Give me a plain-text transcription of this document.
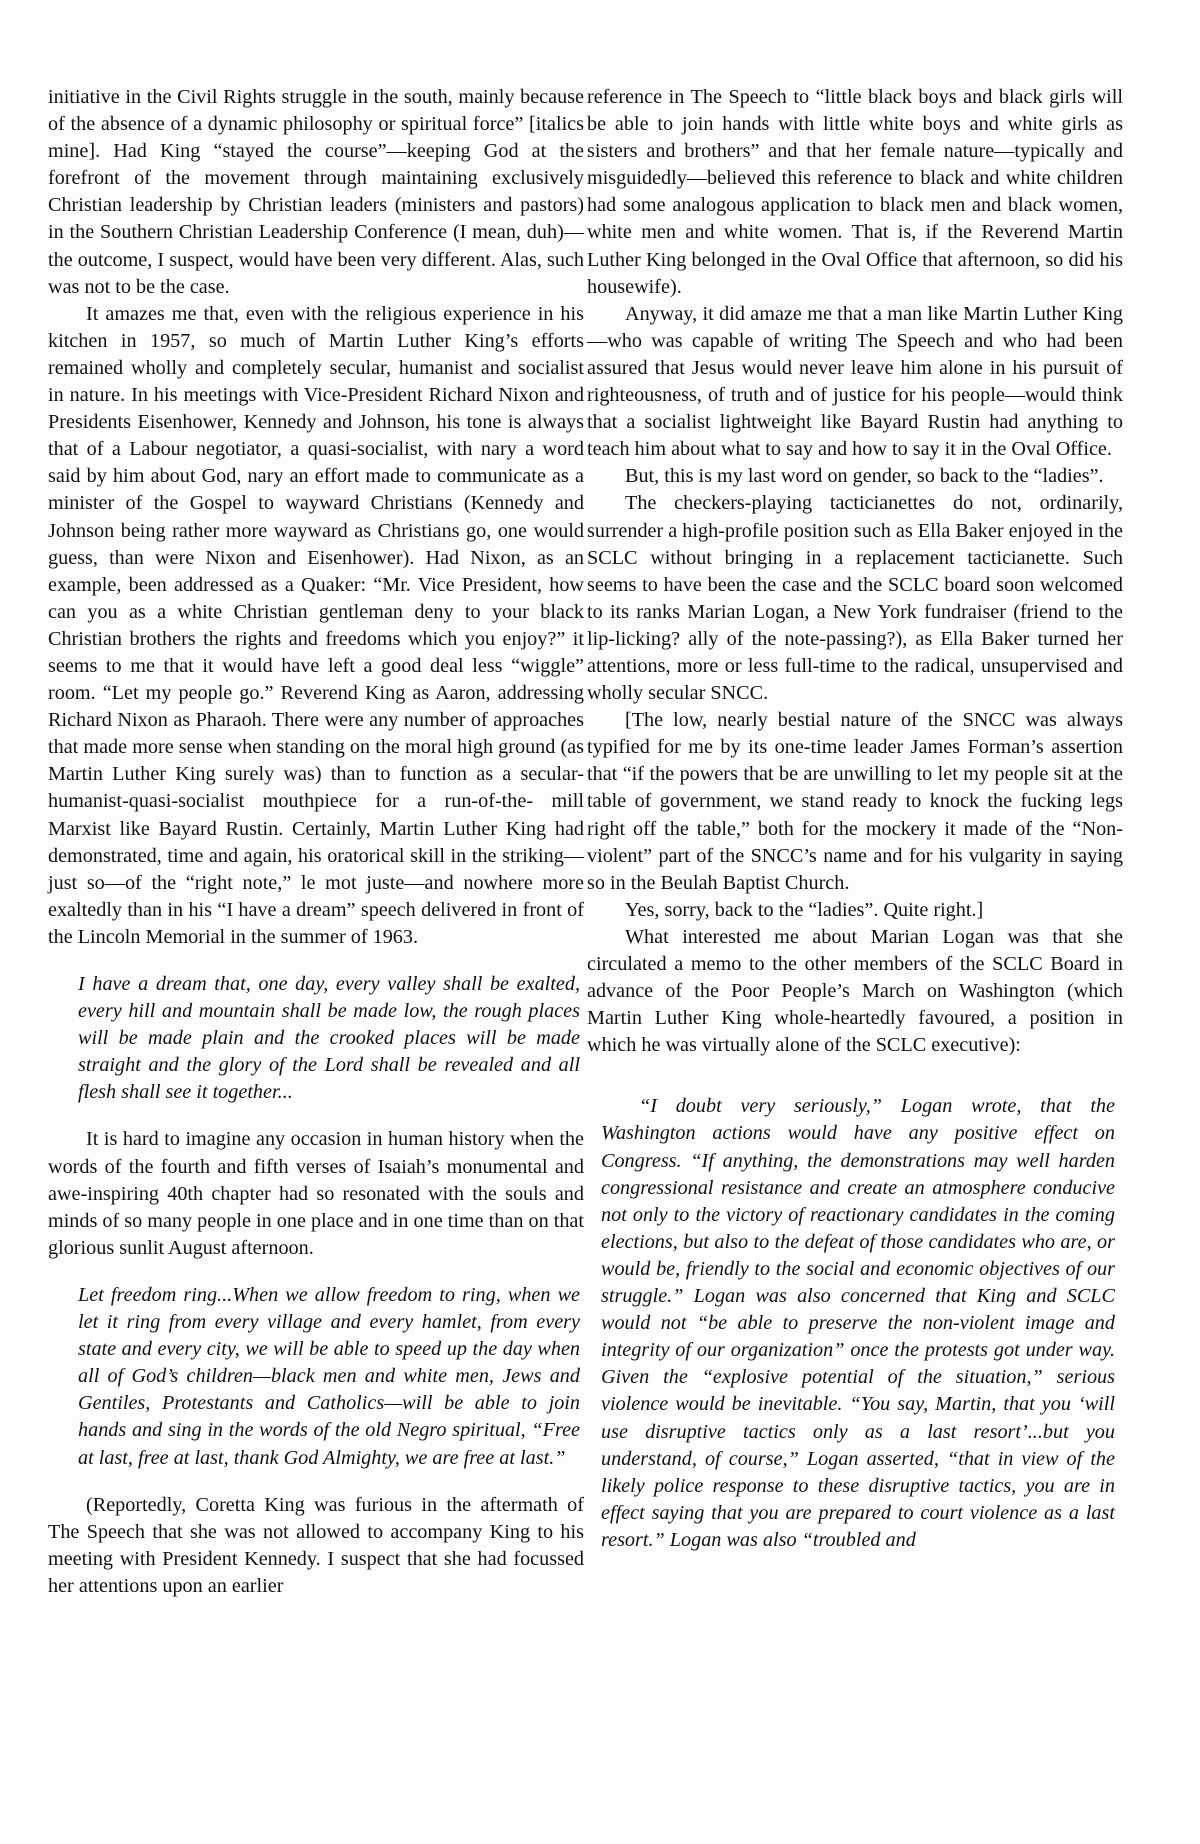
initiative in the Civil Rights struggle in the south, mainly because of the absence of a dynamic philosophy or spiritual force” [italics mine]. Had King “stayed the course”—keeping God at the forefront of the movement through maintaining exclusively Christian leadership by Christian leaders (ministers and pastors) in the Southern Christian Leadership Conference (I mean, duh)—the outcome, I suspect, would have been very different. Alas, such was not to be the case.

It amazes me that, even with the religious experience in his kitchen in 1957, so much of Martin Luther King’s efforts remained wholly and completely secular, humanist and socialist in nature. In his meetings with Vice-President Richard Nixon and Presidents Eisenhower, Kennedy and Johnson, his tone is always that of a Labour negotiator, a quasi-socialist, with nary a word said by him about God, nary an effort made to communicate as a minister of the Gospel to wayward Christians (Kennedy and Johnson being rather more wayward as Christians go, one would guess, than were Nixon and Eisenhower). Had Nixon, as an example, been addressed as a Quaker: “Mr. Vice President, how can you as a white Christian gentleman deny to your black Christian brothers the rights and freedoms which you enjoy?” it seems to me that it would have left a good deal less “wiggle” room. “Let my people go.” Reverend King as Aaron, addressing Richard Nixon as Pharaoh. There were any number of approaches that made more sense when standing on the moral high ground (as Martin Luther King surely was) than to function as a secular-humanist-quasi-socialist mouthpiece for a run-of-the- mill Marxist like Bayard Rustin. Certainly, Martin Luther King had demonstrated, time and again, his oratorical skill in the striking—just so—of the “right note,” le mot juste—and nowhere more exaltedly than in his “I have a dream” speech delivered in front of the Lincoln Memorial in the summer of 1963.

I have a dream that, one day, every valley shall be exalted, every hill and mountain shall be made low, the rough places will be made plain and the crooked places will be made straight and the glory of the Lord shall be revealed and all flesh shall see it together...

It is hard to imagine any occasion in human history when the words of the fourth and fifth verses of Isaiah’s monumental and awe-inspiring 40th chapter had so resonated with the souls and minds of so many people in one place and in one time than on that glorious sunlit August afternoon.

Let freedom ring...When we allow freedom to ring, when we let it ring from every village and every hamlet, from every state and every city, we will be able to speed up the day when all of God’s children—black men and white men, Jews and Gentiles, Protestants and Catholics—will be able to join hands and sing in the words of the old Negro spiritual, “Free at last, free at last, thank God Almighty, we are free at last.”

(Reportedly, Coretta King was furious in the aftermath of The Speech that she was not allowed to accompany King to his meeting with President Kennedy. I suspect that she had focussed her attentions upon an earlier

reference in The Speech to “little black boys and black girls will be able to join hands with little white boys and white girls as sisters and brothers” and that her female nature—typically and misguidedly—believed this reference to black and white children had some analogous application to black men and black women, white men and white women. That is, if the Reverend Martin Luther King belonged in the Oval Office that afternoon, so did his housewife).

Anyway, it did amaze me that a man like Martin Luther King—who was capable of writing The Speech and who had been assured that Jesus would never leave him alone in his pursuit of righteousness, of truth and of justice for his people—would think that a socialist lightweight like Bayard Rustin had anything to teach him about what to say and how to say it in the Oval Office.

But, this is my last word on gender, so back to the “ladies”.

The checkers-playing tacticianettes do not, ordinarily, surrender a high-profile position such as Ella Baker enjoyed in the SCLC without bringing in a replacement tacticianette. Such seems to have been the case and the SCLC board soon welcomed to its ranks Marian Logan, a New York fundraiser (friend to the lip-licking? ally of the note-passing?), as Ella Baker turned her attentions, more or less full-time to the radical, unsupervised and wholly secular SNCC.

[The low, nearly bestial nature of the SNCC was always typified for me by its one-time leader James Forman’s assertion that “if the powers that be are unwilling to let my people sit at the table of government, we stand ready to knock the fucking legs right off the table,” both for the mockery it made of the “Non-violent” part of the SNCC’s name and for his vulgarity in saying so in the Beulah Baptist Church.

Yes, sorry, back to the “ladies”. Quite right.]

What interested me about Marian Logan was that she circulated a memo to the other members of the SCLC Board in advance of the Poor People’s March on Washington (which Martin Luther King whole-heartedly favoured, a position in which he was virtually alone of the SCLC executive):

“I doubt very seriously,” Logan wrote, that the Washington actions would have any positive effect on Congress. “If anything, the demonstrations may well harden congressional resistance and create an atmosphere conducive not only to the victory of reactionary candidates in the coming elections, but also to the defeat of those candidates who are, or would be, friendly to the social and economic objectives of our struggle.” Logan was also concerned that King and SCLC would not “be able to preserve the non-violent image and integrity of our organization” once the protests got under way. Given the “explosive potential of the situation,” serious violence would be inevitable. “You say, Martin, that you ‘will use disruptive tactics only as a last resort’...but you understand, of course,” Logan asserted, “that in view of the likely police response to these disruptive tactics, you are in effect saying that you are prepared to court violence as a last resort.” Logan was also “troubled and
